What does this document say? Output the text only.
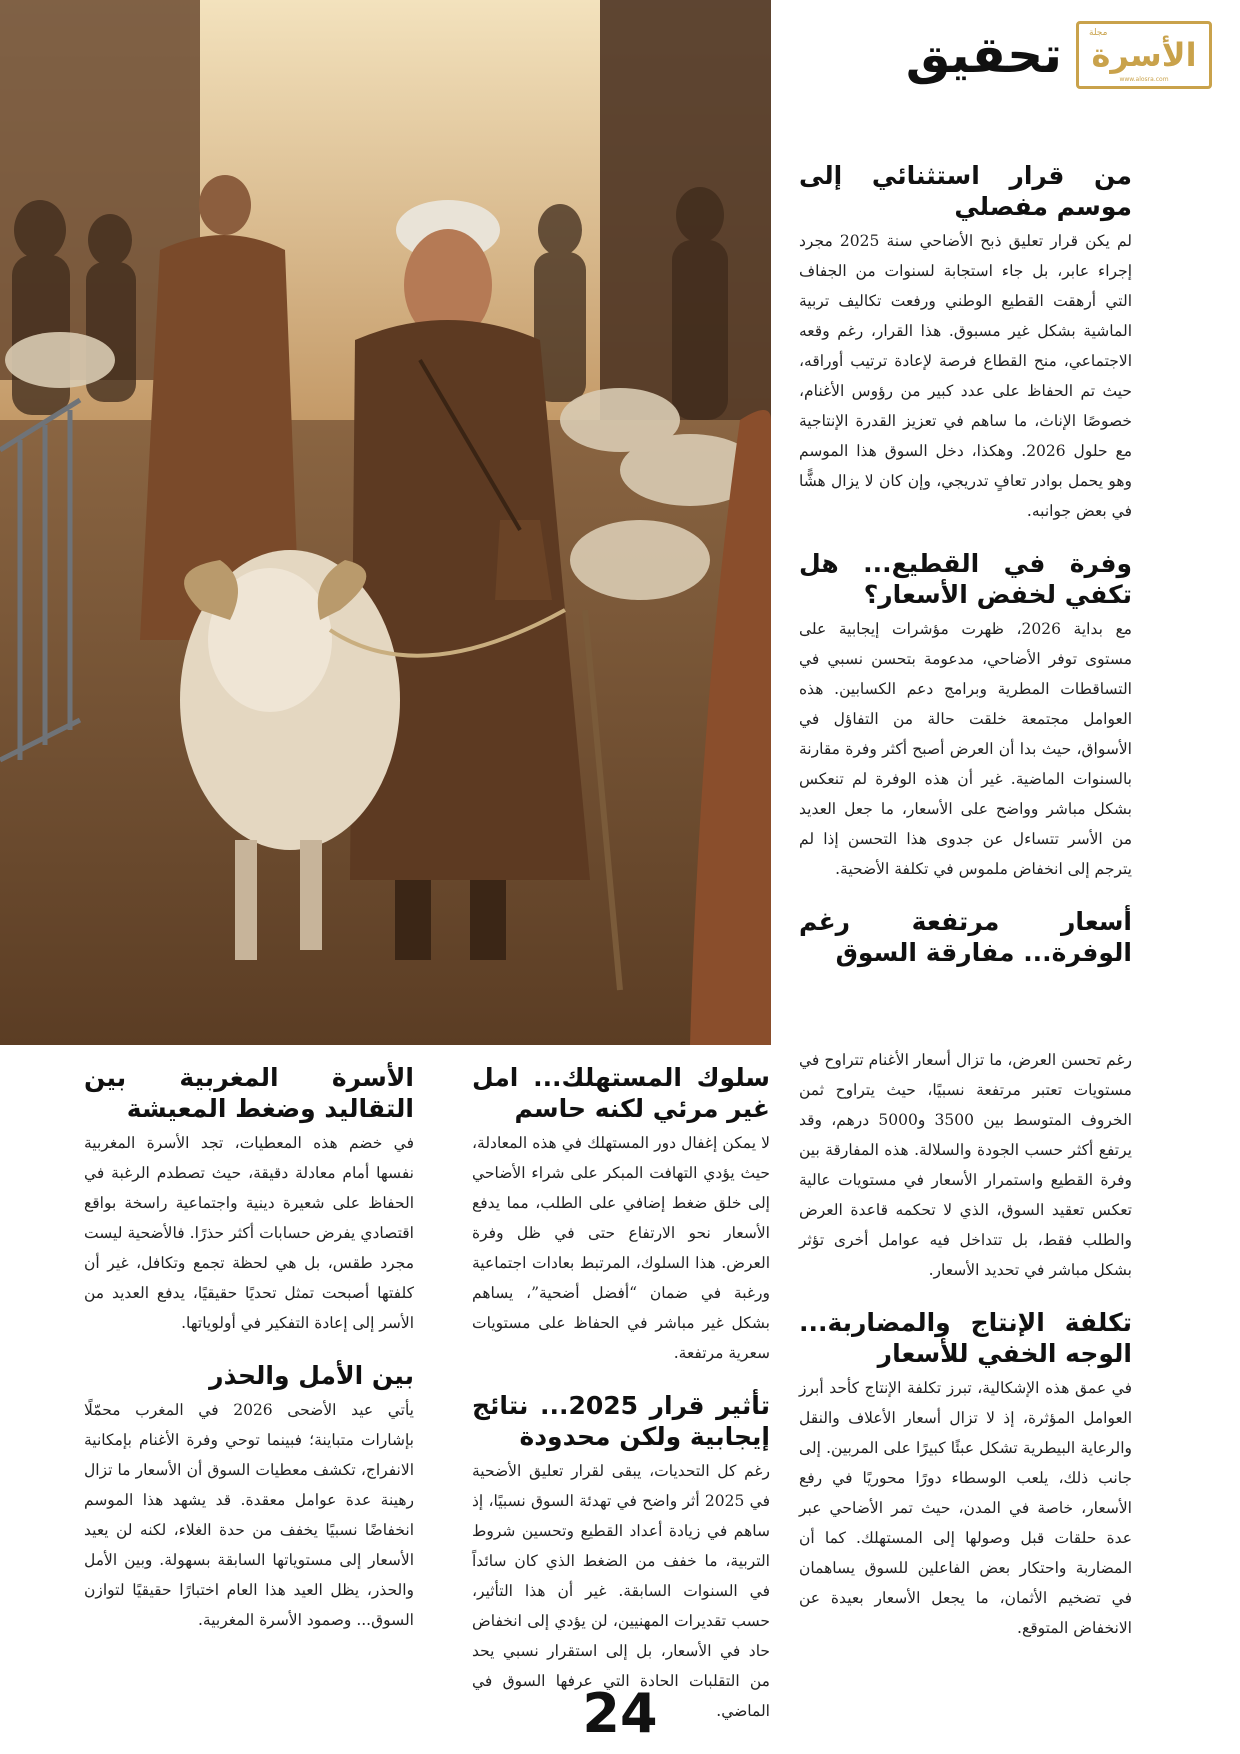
مجلة
الأسرة
www.alosra.com
تحقيق
من قرار استثنائي إلى موسم مفصلي

لم يكن قرار تعليق ذبح الأضاحي سنة 2025 مجرد إجراء عابر، بل جاء استجابة لسنوات من الجفاف التي أرهقت القطيع الوطني ورفعت تكاليف تربية الماشية بشكل غير مسبوق. هذا القرار، رغم وقعه الاجتماعي، منح القطاع فرصة لإعادة ترتيب أوراقه، حيث تم الحفاظ على عدد كبير من رؤوس الأغنام، خصوصًا الإناث، ما ساهم في تعزيز القدرة الإنتاجية مع حلول 2026. وهكذا، دخل السوق هذا الموسم وهو يحمل بوادر تعافٍ تدريجي، وإن كان لا يزال هشًّا في بعض جوانبه.

وفرة في القطيع... هل تكفي لخفض الأسعار؟

مع بداية 2026، ظهرت مؤشرات إيجابية على مستوى توفر الأضاحي، مدعومة بتحسن نسبي في التساقطات المطرية وبرامج دعم الكسابين. هذه العوامل مجتمعة خلقت حالة من التفاؤل في الأسواق، حيث بدا أن العرض أصبح أكثر وفرة مقارنة بالسنوات الماضية. غير أن هذه الوفرة لم تنعكس بشكل مباشر وواضح على الأسعار، ما جعل العديد من الأسر تتساءل عن جدوى هذا التحسن إذا لم يترجم إلى انخفاض ملموس في تكلفة الأضحية.

أسعار مرتفعة رغم الوفرة... مفارقة السوق

رغم تحسن العرض، ما تزال أسعار الأغنام تتراوح في مستويات تعتبر مرتفعة نسبيًا، حيث يتراوح ثمن الخروف المتوسط بين 3500 و5000 درهم، وقد يرتفع أكثر حسب الجودة والسلالة. هذه المفارقة بين وفرة القطيع واستمرار الأسعار في مستويات عالية تعكس تعقيد السوق، الذي لا تحكمه قاعدة العرض والطلب فقط، بل تتداخل فيه عوامل أخرى تؤثر بشكل مباشر في تحديد الأسعار.

تكلفة الإنتاج والمضاربة... الوجه الخفي للأسعار

في عمق هذه الإشكالية، تبرز تكلفة الإنتاج كأحد أبرز العوامل المؤثرة، إذ لا تزال أسعار الأعلاف والنقل والرعاية البيطرية تشكل عبئًا كبيرًا على المربين. إلى جانب ذلك، يلعب الوسطاء دورًا محوريًا في رفع الأسعار، خاصة في المدن، حيث تمر الأضاحي عبر عدة حلقات قبل وصولها إلى المستهلك. كما أن المضاربة واحتكار بعض الفاعلين للسوق يساهمان في تضخيم الأثمان، ما يجعل الأسعار بعيدة عن الانخفاض المتوقع.

سلوك المستهلك... امل غير مرئي لكنه حاسم

لا يمكن إغفال دور المستهلك في هذه المعادلة، حيث يؤدي التهافت المبكر على شراء الأضاحي إلى خلق ضغط إضافي على الطلب، مما يدفع الأسعار نحو الارتفاع حتى في ظل وفرة العرض. هذا السلوك، المرتبط بعادات اجتماعية ورغبة في ضمان “أفضل أضحية”، يساهم بشكل غير مباشر في الحفاظ على مستويات سعرية مرتفعة.

تأثير قرار 2025... نتائج إيجابية ولكن محدودة

رغم كل التحديات، يبقى لقرار تعليق الأضحية في 2025 أثر واضح في تهدئة السوق نسبيًا، إذ ساهم في زيادة أعداد القطيع وتحسين شروط التربية، ما خفف من الضغط الذي كان سائداً في السنوات السابقة. غير أن هذا التأثير، حسب تقديرات المهنيين، لن يؤدي إلى انخفاض حاد في الأسعار، بل إلى استقرار نسبي يحد من التقلبات الحادة التي عرفها السوق في الماضي.

الأسرة المغربية بين التقاليد وضغط المعيشة

في خضم هذه المعطيات، تجد الأسرة المغربية نفسها أمام معادلة دقيقة، حيث تصطدم الرغبة في الحفاظ على شعيرة دينية واجتماعية راسخة بواقع اقتصادي يفرض حسابات أكثر حذرًا. فالأضحية ليست مجرد طقس، بل هي لحظة تجمع وتكافل، غير أن كلفتها أصبحت تمثل تحديًا حقيقيًا، يدفع العديد من الأسر إلى إعادة التفكير في أولوياتها.

بين الأمل والحذر

يأتي عيد الأضحى 2026 في المغرب محمّلًا بإشارات متباينة؛ فبينما توحي وفرة الأغنام بإمكانية الانفراج، تكشف معطيات السوق أن الأسعار ما تزال رهينة عدة عوامل معقدة. قد يشهد هذا الموسم انخفاضًا نسبيًا يخفف من حدة الغلاء، لكنه لن يعيد الأسعار إلى مستوياتها السابقة بسهولة. وبين الأمل والحذر، يظل العيد هذا العام اختبارًا حقيقيًا لتوازن السوق... وصمود الأسرة المغربية.

24
